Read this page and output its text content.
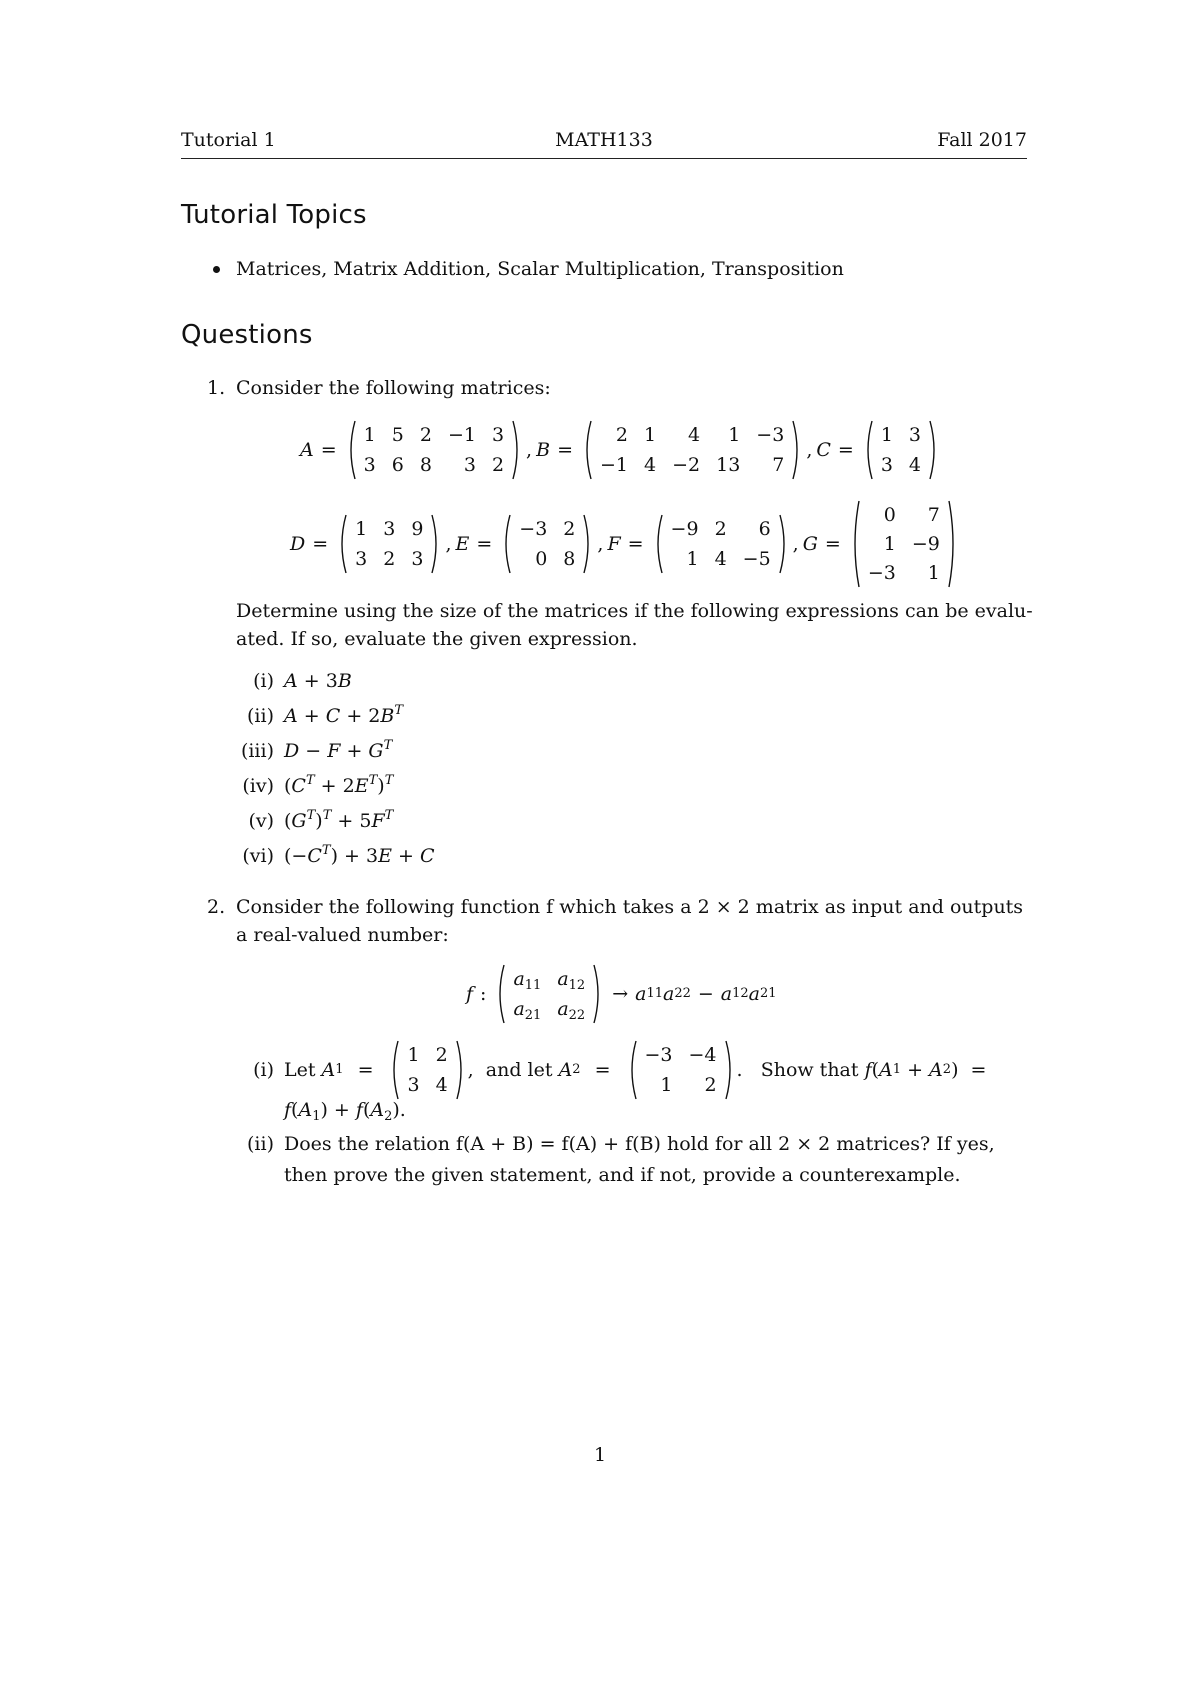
Tutorial 1	MATH133	Fall 2017
Tutorial Topics
Matrices, Matrix Addition, Scalar Multiplication, Transposition
Questions
1. Consider the following matrices:
A =
1	5	2	−1	3
3	6	8	3	2
, B =
2	1	4	1	−3
−1	4	−2	13	7
, C =
1	3
3	4
D =
1	3	9
3	2	3
, E =
−3	2
0	8
, F =
−9	2	6
1	4	−5
, G =
0	7
1	−9
−3	1
Determine using the size of the matrices if the following expressions can be evalu-
ated. If so, evaluate the given expression.
(i) A + 3B
(ii) $A + C + 2B^T$
(iii) $D - F + G^T$
(iv) $(C^T + 2E^T)^T$
(v) $(G^T)^T + 5F^T$
(vi) $(-C^T) + 3E + C$
2. Consider the following function f which takes a 2 × 2 matrix as input and outputs
a real-valued number:
f :
$a_{11}$	$a_{12}$
$a_{21}$	$a_{22}$
→ a 11 a 22 − a 12 a 21
(i) Let A 1 =
1	2
3	4
,  and let A 2 =
−3	−4
1	2
.   Show that f ( A 1 + A 2 ) =
$f(A_1) + f(A_2)$.
(ii) Does the relation f(A + B) = f(A) + f(B) hold for all 2 × 2 matrices? If yes,
then prove the given statement, and if not, provide a counterexample.
1
